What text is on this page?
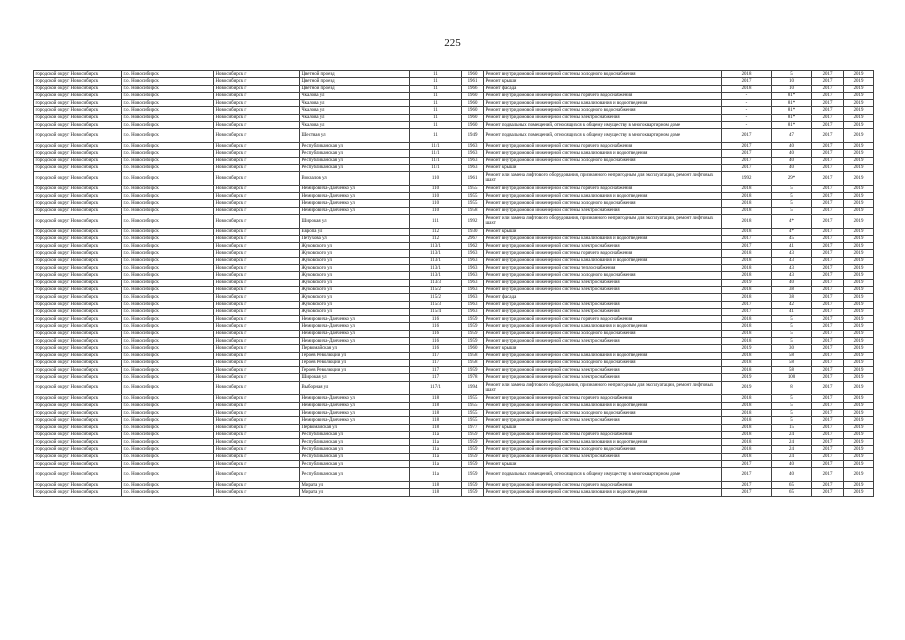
225
городской округ Новосибирск	г.о. Новосибирск	Новосибирск г	Цветной проезд	11	1960	Ремонт внутридомовой инженерной системы холодного водоснабжения	2018	5	2017	2019
городской округ Новосибирск	г.о. Новосибирск	Новосибирск г	Цветной проезд	11	1961	Ремонт крыши	2017	10	2017	2019
городской округ Новосибирск	г.о. Новосибирск	Новосибирск г	Цветной проезд	11	1966	Ремонт фасада	2018	10	2017	2019
городской округ Новосибирск	г.о. Новосибирск	Новосибирск г	Чкалова ул	11	1960	Ремонт внутридомовой инженерной системы горячего водоснабжения	-	81*	2017	2019
городской округ Новосибирск	г.о. Новосибирск	Новосибирск г	Чкалова ул	11	1960	Ремонт внутридомовой инженерной системы канализования и водоотведения	-	81*	2017	2019
городской округ Новосибирск	г.о. Новосибирск	Новосибирск г	Чкалова ул	11	1960	Ремонт внутридомовой инженерной системы холодного водоснабжения	-	81*	2017	2019
городской округ Новосибирск	г.о. Новосибирск	Новосибирск г	Чкалова ул	11	1960	Ремонт внутридомовой инженерной системы электроснабжения	-	81*	2017	2019
городской округ Новосибирск	г.о. Новосибирск	Новосибирск г	Чкалова ул	11	1960	Ремонт подвальных помещений, относящихся к общему имуществу в многоквартирном доме	-	81*	2017	2019
городской округ Новосибирск	г.о. Новосибирск	Новосибирск г	Шествая ул	11	1949	Ремонт подвальных помещений, относящихся к общему имуществу в многоквартирном доме	2017	47	2017	2019
городской округ Новосибирск	г.о. Новосибирск	Новосибирск г	Республиканская ул	11/1	1963	Ремонт внутридомовой инженерной системы горячего водоснабжения	2017	40	2017	2019
городской округ Новосибирск	г.о. Новосибирск	Новосибирск г	Республиканская ул	11/1	1963	Ремонт внутридомовой инженерной системы канализования и водоотведения	2017	40	2017	2019
городской округ Новосибирск	г.о. Новосибирск	Новосибирск г	Республиканская ул	11/1	1963	Ремонт внутридомовой инженерной системы холодного водоснабжения	2017	40	2017	2019
городской округ Новосибирск	г.о. Новосибирск	Новосибирск г	Республиканская ул	11/1	1963	Ремонт крыши	2017	40	2017	2019
городской округ Новосибирск	г.о. Новосибирск	Новосибирск г	Вокзалов ул	110	1961	Ремонт или замена лифтового оборудования, признанного непригодным для эксплуатации, ремонт лифтовых шахт	1992	29*	2017	2019
городской округ Новосибирск	г.о. Новосибирск	Новосибирск г	Немировича-Данченко ул	110	1955	Ремонт внутридомовой инженерной системы горячего водоснабжения	2018	5	2017	2019
городской округ Новосибирск	г.о. Новосибирск	Новосибирск г	Немировича-Данченко ул	110	1955	Ремонт внутридомовой инженерной системы канализования и водоотведения	2018	5	2017	2019
городской округ Новосибирск	г.о. Новосибирск	Новосибирск г	Немировича-Данченко ул	110	1955	Ремонт внутридомовой инженерной системы холодного водоснабжения	2018	5	2017	2019
городской округ Новосибирск	г.о. Новосибирск	Новосибирск г	Немировича-Данченко ул	110	1958	Ремонт внутридомовой инженерной системы электроснабжения	2018	5	2017	2019
городской округ Новосибирск	г.о. Новосибирск	Новосибирск г	Широкая ул	111	1992	Ремонт или замена лифтового оборудования, признанного непригодным для эксплуатации, ремонт лифтовых шахт	2018	4*	2017	2019
городской округ Новосибирск	г.о. Новосибирск	Новосибирск г	Европа ул	112	1930	Ремонт крыши	2018	4*	2017	2019
городской округ Новосибирск	г.о. Новосибирск	Новосибирск г	Петухова ул	112	2967	Ремонт внутридомовой инженерной системы канализования и водоотведения	2017	45	2017	2019
городской округ Новосибирск	г.о. Новосибирск	Новосибирск г	Жуковского ул	113/1	1962	Ремонт внутридомовой инженерной системы электроснабжения	2017	41	2017	2019
городской округ Новосибирск	г.о. Новосибирск	Новосибирск г	Жуковского ул	113/1	1963	Ремонт внутридомовой инженерной системы горячего водоснабжения	2018	43	2017	2019
городской округ Новосибирск	г.о. Новосибирск	Новосибирск г	Жуковского ул	113/1	1963	Ремонт внутридомовой инженерной системы канализования и водоотведения	2018	43	2017	2019
городской округ Новосибирск	г.о. Новосибирск	Новосибирск г	Жуковского ул	113/1	1963	Ремонт внутридомовой инженерной системы теплоснабжения	2018	43	2017	2019
городской округ Новосибирск	г.о. Новосибирск	Новосибирск г	Жуковского ул	113/1	1963	Ремонт внутридомовой инженерной системы холодного водоснабжения	2018	43	2017	2019
городской округ Новосибирск	г.о. Новосибирск	Новосибирск г	Жуковского ул	113/3	1963	Ремонт внутридомовой инженерной системы электроснабжения	2019	40	2017	2019
городской округ Новосибирск	г.о. Новосибирск	Новосибирск г	Жуковского ул	115/2	1963	Ремонт внутридомовой инженерной системы электроснабжения	2018	38	2017	2019
городской округ Новосибирск	г.о. Новосибирск	Новосибирск г	Жуковского ул	115/2	1963	Ремонт фасада	2018	38	2017	2019
городской округ Новосибирск	г.о. Новосибирск	Новосибирск г	Жуковского ул	115/3	1963	Ремонт внутридомовой инженерной системы электроснабжения	2017	42	2017	2019
городской округ Новосибирск	г.о. Новосибирск	Новосибирск г	Жуковского ул	115/4	1963	Ремонт внутридомовой инженерной системы электроснабжения	2017	41	2017	2019
городской округ Новосибирск	г.о. Новосибирск	Новосибирск г	Немировича-Данченко ул	116	1959	Ремонт внутридомовой инженерной системы горячего водоснабжения	2018	5	2017	2019
городской округ Новосибирск	г.о. Новосибирск	Новосибирск г	Немировича-Данченко ул	116	1959	Ремонт внутридомовой инженерной системы канализования и водоотведения	2018	5	2017	2019
городской округ Новосибирск	г.о. Новосибирск	Новосибирск г	Немировича-Данченко ул	116	1959	Ремонт внутридомовой инженерной системы холодного водоснабжения	2018	5	2017	2019
городской округ Новосибирск	г.о. Новосибирск	Новосибирск г	Немировича-Данченко ул	116	1959	Ремонт внутридомовой инженерной системы электроснабжения	2018	5	2017	2019
городской округ Новосибирск	г.о. Новосибирск	Новосибирск г	Первомайская ул	116	1960	Ремонт крыши	2019	30	2017	2019
городской округ Новосибирск	г.о. Новосибирск	Новосибирск г	Героев Революции ул	117	1958	Ремонт внутридомовой инженерной системы канализования и водоотведения	2018	58	2017	2019
городской округ Новосибирск	г.о. Новосибирск	Новосибирск г	Героев Революции ул	117	1958	Ремонт внутридомовой инженерной системы холодного водоснабжения	2018	58	2017	2019
городской округ Новосибирск	г.о. Новосибирск	Новосибирск г	Героев Революции ул	117	1959	Ремонт внутридомовой инженерной системы электроснабжения	2018	58	2017	2019
городской округ Новосибирск	г.о. Новосибирск	Новосибирск г	Широкая ул	117	1978	Ремонт внутридомовой инженерной системы электроснабжения	2019	100	2017	2019
городской округ Новосибирск	г.о. Новосибирск	Новосибирск г	Выборная ул	117/1	1994	Ремонт или замена лифтового оборудования, признанного непригодным для эксплуатации, ремонт лифтовых шахт	2019	8	2017	2019
городской округ Новосибирск	г.о. Новосибирск	Новосибирск г	Немировича-Данченко ул	118	1955	Ремонт внутридомовой инженерной системы горячего водоснабжения	2018	5	2017	2019
городской округ Новосибирск	г.о. Новосибирск	Новосибирск г	Немировича-Данченко ул	118	1955	Ремонт внутридомовой инженерной системы канализования и водоотведения	2018	5	2017	2019
городской округ Новосибирск	г.о. Новосибирск	Новосибирск г	Немировича-Данченко ул	118	1955	Ремонт внутридомовой инженерной системы холодного водоснабжения	2018	5	2017	2019
городской округ Новосибирск	г.о. Новосибирск	Новосибирск г	Немировича-Данченко ул	118	1955	Ремонт внутридомовой инженерной системы электроснабжения	2018	5	2017	2019
городской округ Новосибирск	г.о. Новосибирск	Новосибирск г	Первомайская ул	118	1977	Ремонт крыши	2018	15	2017	2019
городской округ Новосибирск	г.о. Новосибирск	Новосибирск г	Республиканская ул	11а	1959	Ремонт внутридомовой инженерной системы горячего водоснабжения	2018	24	2017	2019
городской округ Новосибирск	г.о. Новосибирск	Новосибирск г	Республиканская ул	11а	1959	Ремонт внутридомовой инженерной системы канализования и водоотведения	2018	24	2017	2019
городской округ Новосибирск	г.о. Новосибирск	Новосибирск г	Республиканская ул	11а	1959	Ремонт внутридомовой инженерной системы холодного водоснабжения	2018	24	2017	2019
городской округ Новосибирск	г.о. Новосибирск	Новосибирск г	Республиканская ул	11а	1959	Ремонт внутридомовой инженерной системы электроснабжения	2018	24	2017	2019
городской округ Новосибирск	г.о. Новосибирск	Новосибирск г	Республиканская ул	11а	1959	Ремонт крыши	2017	40	2017	2019
городской округ Новосибирск	г.о. Новосибирск	Новосибирск г	Республиканская ул	11а	1959	Ремонт подвальных помещений, относящихся к общему имуществу в многоквартирном доме	2017	40	2017	2019
городской округ Новосибирск	г.о. Новосибирск	Новосибирск г	Мирата ул	118	1959	Ремонт внутридомовой инженерной системы горячего водоснабжения	2017	65	2017	2019
городской округ Новосибирск	г.о. Новосибирск	Новосибирск г	Мирата ул	118	1959	Ремонт внутридомовой инженерной системы канализования и водоотведения	2017	65	2017	2019
